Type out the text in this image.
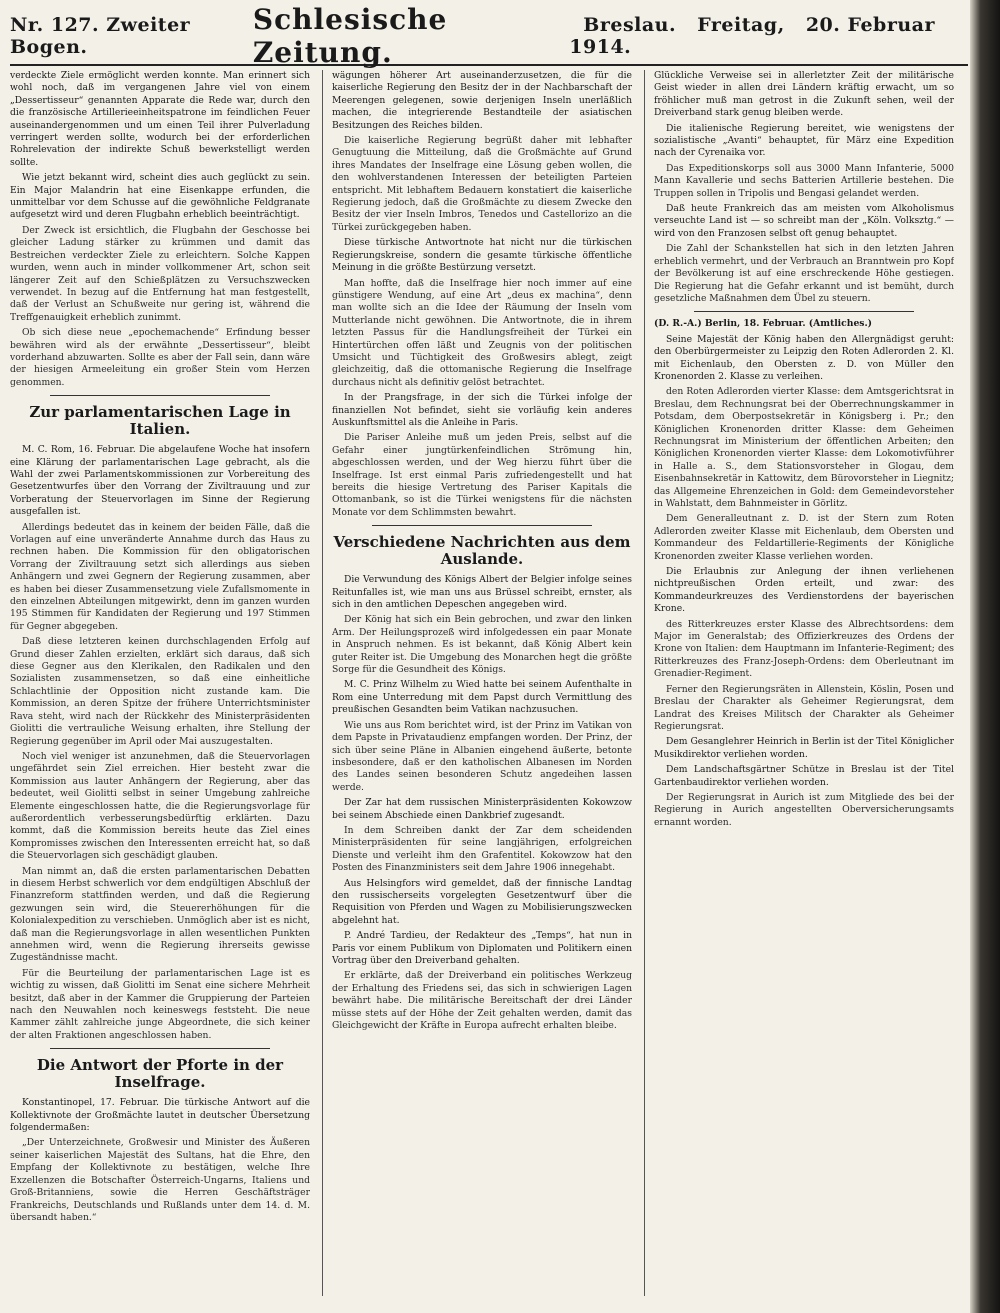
Nr. 127. Zweiter Bogen.
Schlesische Zeitung.
Breslau. Freitag, 20. Februar 1914.

verdeckte Ziele ermöglicht werden konnte. Man erinnert sich wohl noch, daß im vergangenen Jahre viel von einem „Dessertisseur“ genannten Apparate die Rede war, durch den die französische Artillerieeinheitspatrone im feindlichen Feuer auseinandergenommen und um einen Teil ihrer Pulverladung verringert werden sollte, wodurch bei der erforderlichen Rohrelevation der indirekte Schuß bewerkstelligt werden sollte.

Wie jetzt bekannt wird, scheint dies auch geglückt zu sein. Ein Major Malandrin hat eine Eisenkappe erfunden, die unmittelbar vor dem Schusse auf die gewöhnliche Feldgranate aufgesetzt wird und deren Flugbahn erheblich beeinträchtigt.

Der Zweck ist ersichtlich, die Flugbahn der Geschosse bei gleicher Ladung stärker zu krümmen und damit das Bestreichen verdeckter Ziele zu erleichtern. Solche Kappen wurden, wenn auch in minder vollkommener Art, schon seit längerer Zeit auf den Schießplätzen zu Versuchszwecken verwendet. In bezug auf die Entfernung hat man festgestellt, daß der Verlust an Schußweite nur gering ist, während die Treffgenauigkeit erheblich zunimmt.

Ob sich diese neue „epochemachende“ Erfindung besser bewähren wird als der erwähnte „Dessertisseur“, bleibt vorderhand abzuwarten. Sollte es aber der Fall sein, dann wäre der hiesigen Armeeleitung ein großer Stein vom Herzen genommen.

Zur parlamentarischen Lage in Italien.

M. C. Rom, 16. Februar. Die abgelaufene Woche hat insofern eine Klärung der parlamentarischen Lage gebracht, als die Wahl der zwei Parlamentskommissionen zur Vorbereitung des Gesetzentwurfes über den Vorrang der Ziviltrauung und zur Vorberatung der Steuervorlagen im Sinne der Regierung ausgefallen ist.

Allerdings bedeutet das in keinem der beiden Fälle, daß die Vorlagen auf eine unveränderte Annahme durch das Haus zu rechnen haben. Die Kommission für den obligatorischen Vorrang der Ziviltrauung setzt sich allerdings aus sieben Anhängern und zwei Gegnern der Regierung zusammen, aber es haben bei dieser Zusammensetzung viele Zufallsmomente in den einzelnen Abteilungen mitgewirkt, denn im ganzen wurden 195 Stimmen für Kandidaten der Regierung und 197 Stimmen für Gegner abgegeben.

Daß diese letzteren keinen durchschlagenden Erfolg auf Grund dieser Zahlen erzielten, erklärt sich daraus, daß sich diese Gegner aus den Klerikalen, den Radikalen und den Sozialisten zusammensetzen, so daß eine einheitliche Schlachtlinie der Opposition nicht zustande kam. Die Kommission, an deren Spitze der frühere Unterrichtsminister Rava steht, wird nach der Rückkehr des Ministerpräsidenten Giolitti die vertrauliche Weisung erhalten, ihre Stellung der Regierung gegenüber im April oder Mai auszugestalten.

Noch viel weniger ist anzunehmen, daß die Steuervorlagen ungefährdet sein Ziel erreichen. Hier besteht zwar die Kommission aus lauter Anhängern der Regierung, aber das bedeutet, weil Giolitti selbst in seiner Umgebung zahlreiche Elemente eingeschlossen hatte, die die Regierungsvorlage für außerordentlich verbesserungsbedürftig erklärten. Dazu kommt, daß die Kommission bereits heute das Ziel eines Kompromisses zwischen den Interessenten erreicht hat, so daß die Steuervorlagen sich geschädigt glauben.

Man nimmt an, daß die ersten parlamentarischen Debatten in diesem Herbst schwerlich vor dem endgültigen Abschluß der Finanzreform stattfinden werden, und daß die Regierung gezwungen sein wird, die Steuererhöhungen für die Kolonialexpedition zu verschieben. Unmöglich aber ist es nicht, daß man die Regierungsvorlage in allen wesentlichen Punkten annehmen wird, wenn die Regierung ihrerseits gewisse Zugeständnisse macht.

Für die Beurteilung der parlamentarischen Lage ist es wichtig zu wissen, daß Giolitti im Senat eine sichere Mehrheit besitzt, daß aber in der Kammer die Gruppierung der Parteien nach den Neuwahlen noch keineswegs feststeht. Die neue Kammer zählt zahlreiche junge Abgeordnete, die sich keiner der alten Fraktionen angeschlossen haben.

Die Antwort der Pforte in der Inselfrage.

Konstantinopel, 17. Februar. Die türkische Antwort auf die Kollektivnote der Großmächte lautet in deutscher Übersetzung folgendermaßen:

„Der Unterzeichnete, Großwesir und Minister des Äußeren seiner kaiserlichen Majestät des Sultans, hat die Ehre, den Empfang der Kollektivnote zu bestätigen, welche Ihre Exzellenzen die Botschafter Österreich-Ungarns, Italiens und Groß-Britanniens, sowie die Herren Geschäftsträger Frankreichs, Deutschlands und Rußlands unter dem 14. d. M. übersandt haben.“

wägungen höherer Art auseinanderzusetzen, die für die kaiserliche Regierung den Besitz der in der Nachbarschaft der Meerengen gelegenen, sowie derjenigen Inseln unerläßlich machen, die integrierende Bestandteile der asiatischen Besitzungen des Reiches bilden.

Die kaiserliche Regierung begrüßt daher mit lebhafter Genugtuung die Mitteilung, daß die Großmächte auf Grund ihres Mandates der Inselfrage eine Lösung geben wollen, die den wohlverstandenen Interessen der beteiligten Parteien entspricht. Mit lebhaftem Bedauern konstatiert die kaiserliche Regierung jedoch, daß die Großmächte zu diesem Zwecke den Besitz der vier Inseln Imbros, Tenedos und Castellorizo an die Türkei zurückgegeben haben.

Diese türkische Antwortnote hat nicht nur die türkischen Regierungskreise, sondern die gesamte türkische öffentliche Meinung in die größte Bestürzung versetzt.

Man hoffte, daß die Inselfrage hier noch immer auf eine günstigere Wendung, auf eine Art „deus ex machina“, denn man wollte sich an die Idee der Räumung der Inseln vom Mutterlande nicht gewöhnen. Die Antwortnote, die in ihrem letzten Passus für die Handlungsfreiheit der Türkei ein Hintertürchen offen läßt und Zeugnis von der politischen Umsicht und Tüchtigkeit des Großwesirs ablegt, zeigt gleichzeitig, daß die ottomanische Regierung die Inselfrage durchaus nicht als definitiv gelöst betrachtet.

In der Prangsfrage, in der sich die Türkei infolge der finanziellen Not befindet, sieht sie vorläufig kein anderes Auskunftsmittel als die Anleihe in Paris.

Die Pariser Anleihe muß um jeden Preis, selbst auf die Gefahr einer jungtürkenfeindlichen Strömung hin, abgeschlossen werden, und der Weg hierzu führt über die Inselfrage. Ist erst einmal Paris zufriedengestellt und hat bereits die hiesige Vertretung des Pariser Kapitals die Ottomanbank, so ist die Türkei wenigstens für die nächsten Monate vor dem Schlimmsten bewahrt.

Verschiedene Nachrichten aus dem Auslande.

Die Verwundung des Königs Albert der Belgier infolge seines Reitunfalles ist, wie man uns aus Brüssel schreibt, ernster, als sich in den amtlichen Depeschen angegeben wird.

Der König hat sich ein Bein gebrochen, und zwar den linken Arm. Der Heilungsprozeß wird infolgedessen ein paar Monate in Anspruch nehmen. Es ist bekannt, daß König Albert kein guter Reiter ist. Die Umgebung des Monarchen hegt die größte Sorge für die Gesundheit des Königs.

M. C. Prinz Wilhelm zu Wied hatte bei seinem Aufenthalte in Rom eine Unterredung mit dem Papst durch Vermittlung des preußischen Gesandten beim Vatikan nachzusuchen.

Wie uns aus Rom berichtet wird, ist der Prinz im Vatikan von dem Papste in Privataudienz empfangen worden. Der Prinz, der sich über seine Pläne in Albanien eingehend äußerte, betonte insbesondere, daß er den katholischen Albanesen im Norden des Landes seinen besonderen Schutz angedeihen lassen werde.

Der Zar hat dem russischen Ministerpräsidenten Kokowzow bei seinem Abschiede einen Dankbrief zugesandt.

In dem Schreiben dankt der Zar dem scheidenden Ministerpräsidenten für seine langjährigen, erfolgreichen Dienste und verleiht ihm den Grafentitel. Kokowzow hat den Posten des Finanzministers seit dem Jahre 1906 innegehabt.

Aus Helsingfors wird gemeldet, daß der finnische Landtag den russischerseits vorgelegten Gesetzentwurf über die Requisition von Pferden und Wagen zu Mobilisierungszwecken abgelehnt hat.

P. André Tardieu, der Redakteur des „Temps“, hat nun in Paris vor einem Publikum von Diplomaten und Politikern einen Vortrag über den Dreiverband gehalten.

Er erklärte, daß der Dreiverband ein politisches Werkzeug der Erhaltung des Friedens sei, das sich in schwierigen Lagen bewährt habe. Die militärische Bereitschaft der drei Länder müsse stets auf der Höhe der Zeit gehalten werden, damit das Gleichgewicht der Kräfte in Europa aufrecht erhalten bleibe.

Glückliche Verweise sei in allerletzter Zeit der militärische Geist wieder in allen drei Ländern kräftig erwacht, um so fröhlicher muß man getrost in die Zukunft sehen, weil der Dreiverband stark genug bleiben werde.

Die italienische Regierung bereitet, wie wenigstens der sozialistische „Avanti“ behauptet, für März eine Expedition nach der Cyrenaika vor.

Das Expeditionskorps soll aus 3000 Mann Infanterie, 5000 Mann Kavallerie und sechs Batterien Artillerie bestehen. Die Truppen sollen in Tripolis und Bengasi gelandet werden.

Daß heute Frankreich das am meisten vom Alkoholismus verseuchte Land ist — so schreibt man der „Köln. Volksztg.“ — wird von den Franzosen selbst oft genug behauptet.

Die Zahl der Schankstellen hat sich in den letzten Jahren erheblich vermehrt, und der Verbrauch an Branntwein pro Kopf der Bevölkerung ist auf eine erschreckende Höhe gestiegen. Die Regierung hat die Gefahr erkannt und ist bemüht, durch gesetzliche Maßnahmen dem Übel zu steuern.

(D. R.-A.) Berlin, 18. Februar. (Amtliches.)

Seine Majestät der König haben den Allergnädigst geruht: den Oberbürgermeister zu Leipzig den Roten Adlerorden 2. Kl. mit Eichenlaub, den Obersten z. D. von Müller den Kronenorden 2. Klasse zu verleihen.

den Roten Adlerorden vierter Klasse: dem Amtsgerichtsrat in Breslau, dem Rechnungsrat bei der Oberrechnungskammer in Potsdam, dem Oberpostsekretär in Königsberg i. Pr.; den Königlichen Kronenorden dritter Klasse: dem Geheimen Rechnungsrat im Ministerium der öffentlichen Arbeiten; den Königlichen Kronenorden vierter Klasse: dem Lokomotivführer in Halle a. S., dem Stationsvorsteher in Glogau, dem Eisenbahnsekretär in Kattowitz, dem Bürovorsteher in Liegnitz; das Allgemeine Ehrenzeichen in Gold: dem Gemeindevorsteher in Wahlstatt, dem Bahnmeister in Görlitz.

Dem Generalleutnant z. D. ist der Stern zum Roten Adlerorden zweiter Klasse mit Eichenlaub, dem Obersten und Kommandeur des Feldartillerie-Regiments der Königliche Kronenorden zweiter Klasse verliehen worden.

Die Erlaubnis zur Anlegung der ihnen verliehenen nichtpreußischen Orden erteilt, und zwar: des Kommandeurkreuzes des Verdienstordens der bayerischen Krone.

des Ritterkreuzes erster Klasse des Albrechtsordens: dem Major im Generalstab; des Offizierkreuzes des Ordens der Krone von Italien: dem Hauptmann im Infanterie-Regiment; des Ritterkreuzes des Franz-Joseph-Ordens: dem Oberleutnant im Grenadier-Regiment.

Ferner den Regierungsräten in Allenstein, Köslin, Posen und Breslau der Charakter als Geheimer Regierungsrat, dem Landrat des Kreises Militsch der Charakter als Geheimer Regierungsrat.

Dem Gesanglehrer Heinrich in Berlin ist der Titel Königlicher Musikdirektor verliehen worden.

Dem Landschaftsgärtner Schütze in Breslau ist der Titel Gartenbaudirektor verliehen worden.

Der Regierungsrat in Aurich ist zum Mitgliede des bei der Regierung in Aurich angestellten Oberversicherungsamts ernannt worden.
